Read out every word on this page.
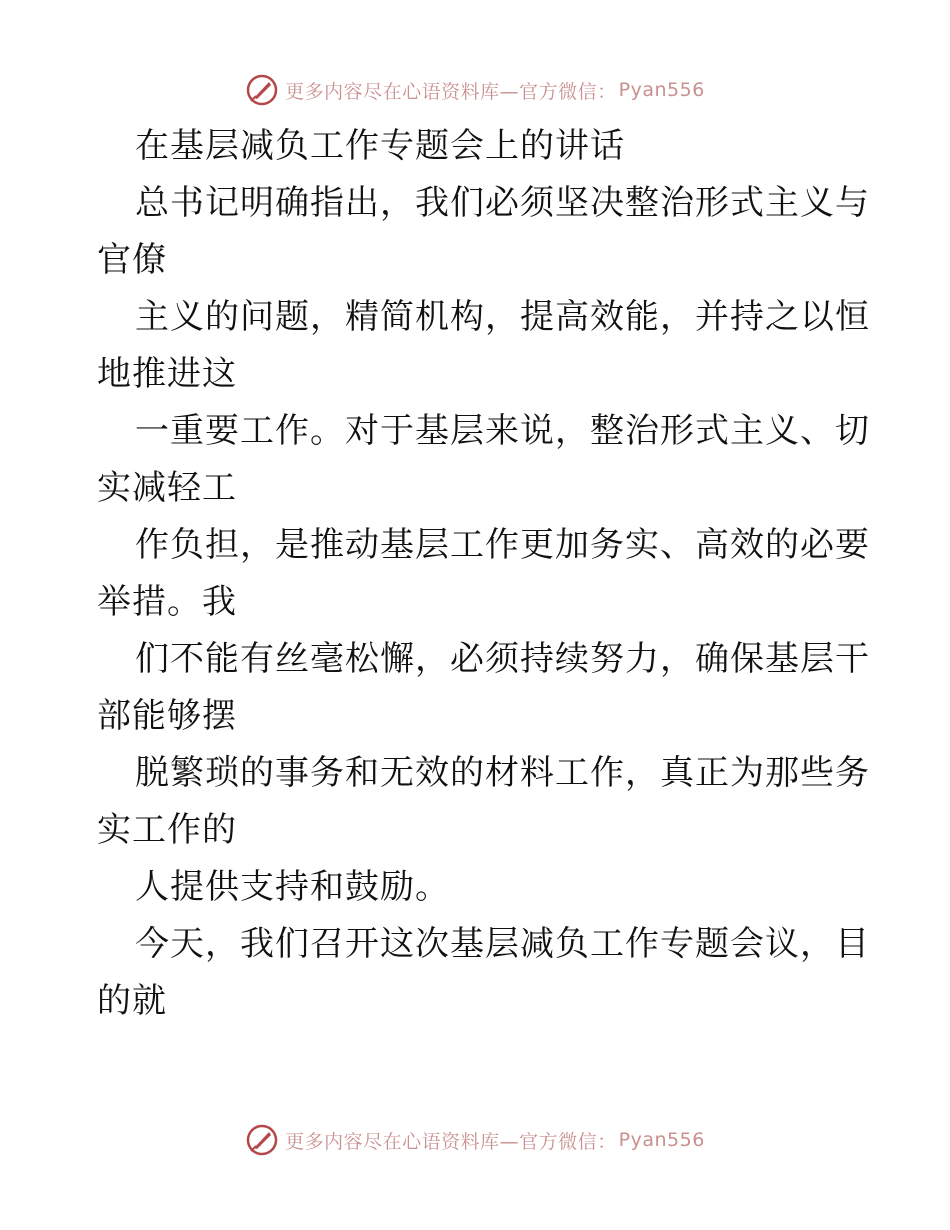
更多内容尽在心语资料库—官方微信： Pyan556
在基层减负工作专题会上的讲话
总书记明确指出，我们必须坚决整治形式主义与
官僚
主义的问题，精简机构，提高效能，并持之以恒
地推进这
一重要工作。对于基层来说，整治形式主义、切
实减轻工
作负担，是推动基层工作更加务实、高效的必要
举措。我
们不能有丝毫松懈，必须持续努力，确保基层干
部能够摆
脱繁琐的事务和无效的材料工作，真正为那些务
实工作的
人提供支持和鼓励。
今天，我们召开这次基层减负工作专题会议，目
的就
更多内容尽在心语资料库—官方微信： Pyan556
